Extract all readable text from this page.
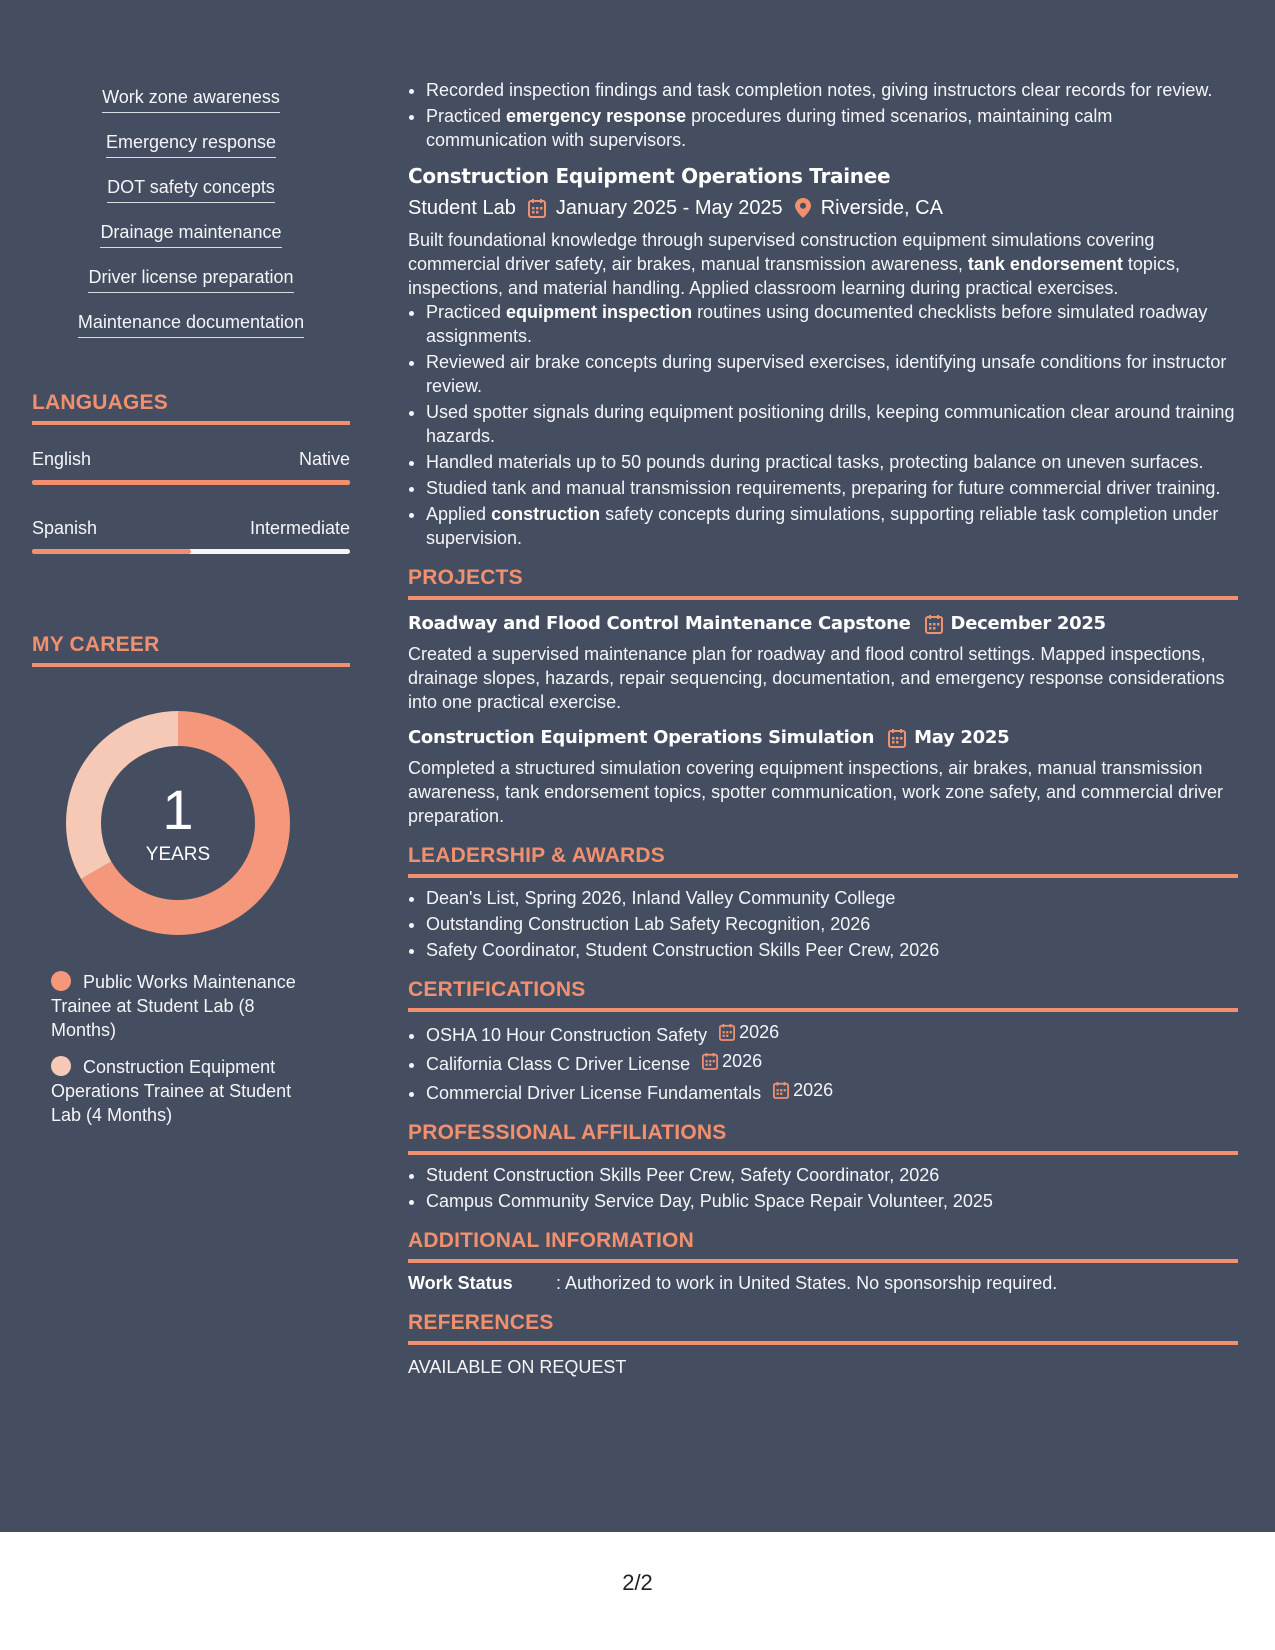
Work zone awareness
Emergency response
DOT safety concepts
Drainage maintenance
Driver license preparation
Maintenance documentation
LANGUAGES
English	Native
Spanish	Intermediate
MY CAREER
1
YEARS
Public Works Maintenance Trainee at Student Lab (8 Months)
Construction Equipment Operations Trainee at Student Lab (4 Months)
• Recorded inspection findings and task completion notes, giving instructors clear records for review.
• Practiced emergency response procedures during timed scenarios, maintaining calm communication with supervisors.
Construction Equipment Operations Trainee
Student Lab January 2025 - May 2025 Riverside, CA
Built foundational knowledge through supervised construction equipment simulations covering commercial driver safety, air brakes, manual transmission awareness, tank endorsement topics, inspections, and material handling. Applied classroom learning during practical exercises.
• Practiced equipment inspection routines using documented checklists before simulated roadway assignments.
• Reviewed air brake concepts during supervised exercises, identifying unsafe conditions for instructor review.
• Used spotter signals during equipment positioning drills, keeping communication clear around training hazards.
• Handled materials up to 50 pounds during practical tasks, protecting balance on uneven surfaces.
• Studied tank and manual transmission requirements, preparing for future commercial driver training.
• Applied construction safety concepts during simulations, supporting reliable task completion under supervision.
PROJECTS
Roadway and Flood Control Maintenance Capstone December 2025
Created a supervised maintenance plan for roadway and flood control settings. Mapped inspections, drainage slopes, hazards, repair sequencing, documentation, and emergency response considerations into one practical exercise.
Construction Equipment Operations Simulation May 2025
Completed a structured simulation covering equipment inspections, air brakes, manual transmission awareness, tank endorsement topics, spotter communication, work zone safety, and commercial driver preparation.
LEADERSHIP & AWARDS
• Dean's List, Spring 2026, Inland Valley Community College
• Outstanding Construction Lab Safety Recognition, 2026
• Safety Coordinator, Student Construction Skills Peer Crew, 2026
CERTIFICATIONS
• OSHA 10 Hour Construction Safety 2026
• California Class C Driver License 2026
• Commercial Driver License Fundamentals 2026
PROFESSIONAL AFFILIATIONS
• Student Construction Skills Peer Crew, Safety Coordinator, 2026
• Campus Community Service Day, Public Space Repair Volunteer, 2025
ADDITIONAL INFORMATION
Work Status	: Authorized to work in United States. No sponsorship required.
REFERENCES
AVAILABLE ON REQUEST
2/2
